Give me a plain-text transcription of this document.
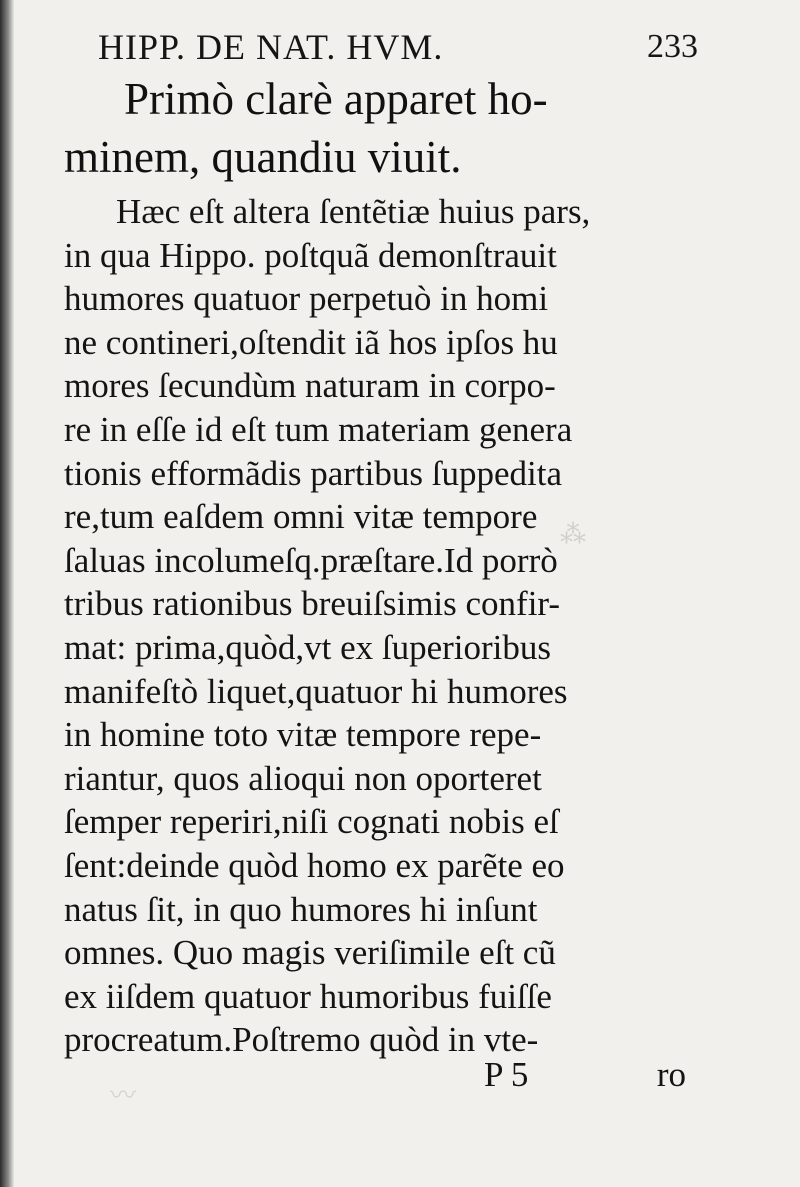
⁂
〰
HIPP. DE NAT. HVM.	233
Primò clarè apparet ho-
minem, quandiu viuit.
Hæc eſt altera ſentẽtiæ huius pars,
in qua Hippo. poſtquã demonſtrauit
humores quatuor perpetuò in homi
ne contineri,oſtendit iã hos ipſos hu
mores ſecundùm naturam in corpo-
re in eſſe id eſt tum materiam genera
tionis efformãdis partibus ſuppedita
re,tum eaſdem omni vitæ tempore
ſaluas incolumeſq.præſtare.Id porrò
tribus rationibus breuiſsimis confir-
mat: prima,quòd,vt ex ſuperioribus
manifeſtò liquet,quatuor hi humores
in homine toto vitæ tempore repe-
riantur, quos alioqui non oporteret
ſemper reperiri,niſi cognati nobis eſ
ſent:deinde quòd homo ex parẽte eo
natus ſit, in quo humores hi inſunt
omnes. Quo magis veriſimile eſt cũ
ex iiſdem quatuor humoribus fuiſſe
procreatum.Poſtremo quòd in vte-
P 5	ro
